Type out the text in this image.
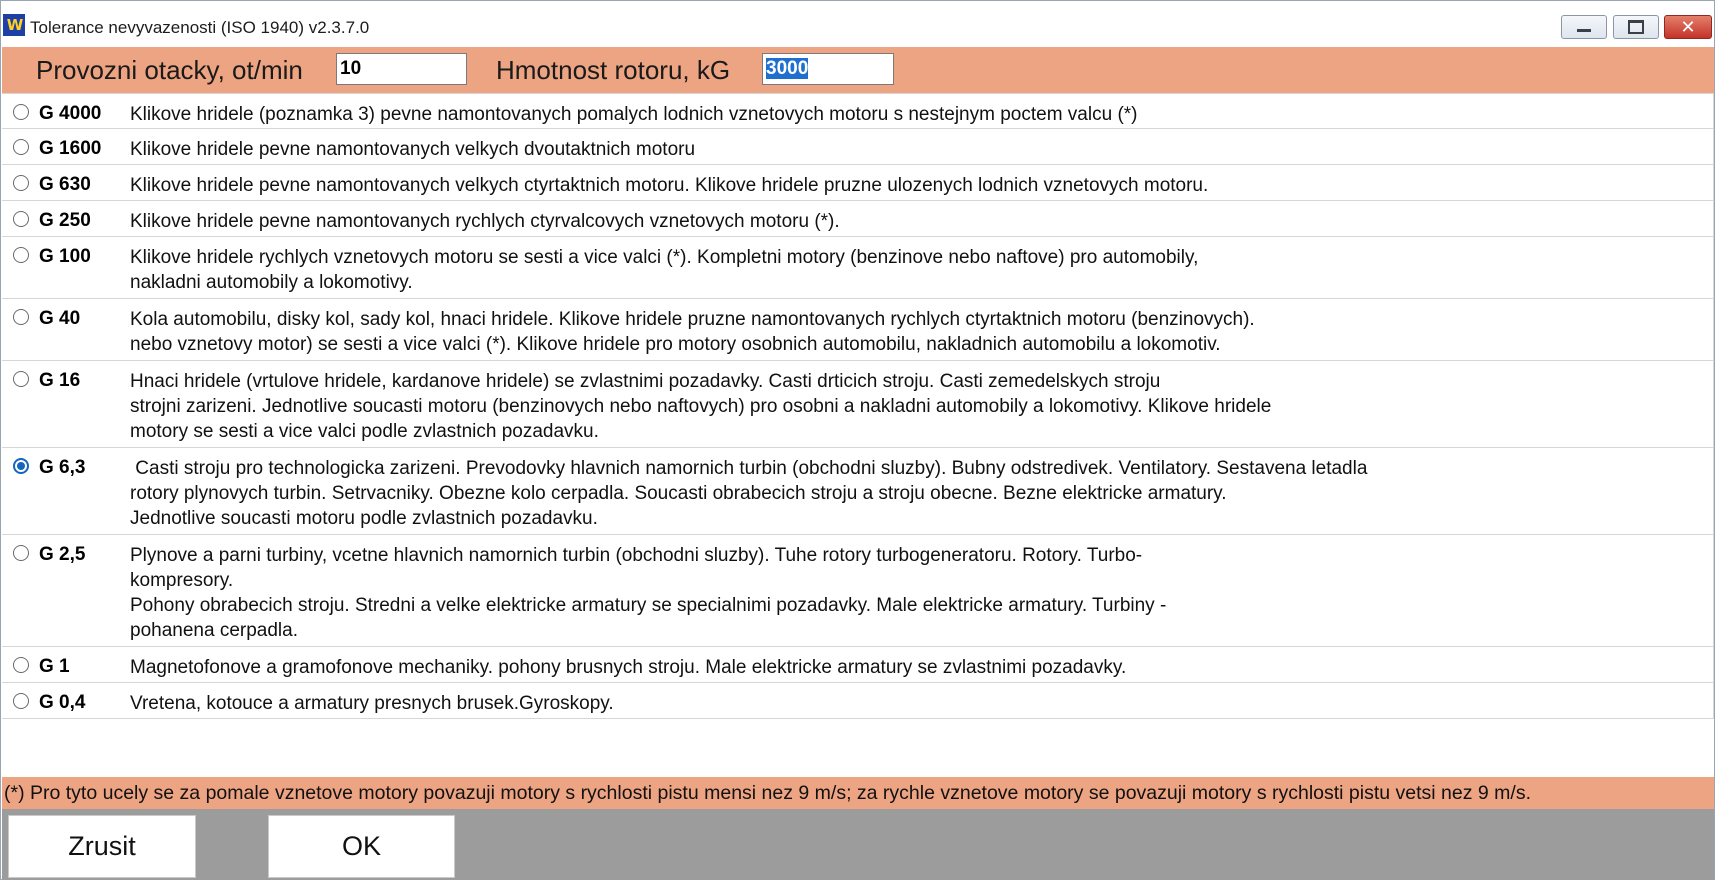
W Tolerance nevyvazenosti (ISO 1940) v2.3.7.0	✕
Provozni otacky, ot/min 10	Hmotnost rotoru, kG 3000
G 4000 Klikove hridele (poznamka 3) pevne namontovanych pomalych lodnich vznetovych motoru s nestejnym poctem valcu (*)
G 1600 Klikove hridele pevne namontovanych velkych dvoutaktnich motoru
G 630 Klikove hridele pevne namontovanych velkych ctyrtaktnich motoru. Klikove hridele pruzne ulozenych lodnich vznetovych motoru.
G 250 Klikove hridele pevne namontovanych rychlych ctyrvalcovych vznetovych motoru (*).
G 100 Klikove hridele rychlych vznetovych motoru se sesti a vice valci (*). Kompletni motory (benzinove nebo naftove) pro automobily,
nakladni automobily a lokomotivy.
G 40	Kola automobilu, disky kol, sady kol, hnaci hridele. Klikove hridele pruzne namontovanych rychlych ctyrtaktnich motoru (benzinovych).
nebo vznetovy motor) se sesti a vice valci (*). Klikove hridele pro motory osobnich automobilu, nakladnich automobilu a lokomotiv.
G 16	Hnaci hridele (vrtulove hridele, kardanove hridele) se zvlastnimi pozadavky. Casti drticich stroju. Casti zemedelskych stroju
strojni zarizeni. Jednotlive soucasti motoru (benzinovych nebo naftovych) pro osobni a nakladni automobily a lokomotivy. Klikove hridele
motory se sesti a vice valci podle zvlastnich pozadavku.
G 6,3	Casti stroju pro technologicka zarizeni. Prevodovky hlavnich namornich turbin (obchodni sluzby). Bubny odstredivek. Ventilatory. Sestavena letadla
rotory plynovych turbin. Setrvacniky. Obezne kolo cerpadla. Soucasti obrabecich stroju a stroju obecne. Bezne elektricke armatury.
Jednotlive soucasti motoru podle zvlastnich pozadavku.
G 2,5 Plynove a parni turbiny, vcetne hlavnich namornich turbin (obchodni sluzby). Tuhe rotory turbogeneratoru. Rotory. Turbo-
kompresory.
Pohony obrabecich stroju. Stredni a velke elektricke armatury se specialnimi pozadavky. Male elektricke armatury. Turbiny -
pohanena cerpadla.
G 1	Magnetofonove a gramofonove mechaniky. pohony brusnych stroju. Male elektricke armatury se zvlastnimi pozadavky.
G 0,4 Vretena, kotouce a armatury presnych brusek.Gyroskopy.
(*) Pro tyto ucely se za pomale vznetove motory povazuji motory s rychlosti pistu mensi nez 9 m/s; za rychle vznetove motory se povazuji motory s rychlosti pistu vetsi nez 9 m/s.
Zrusit	OK
